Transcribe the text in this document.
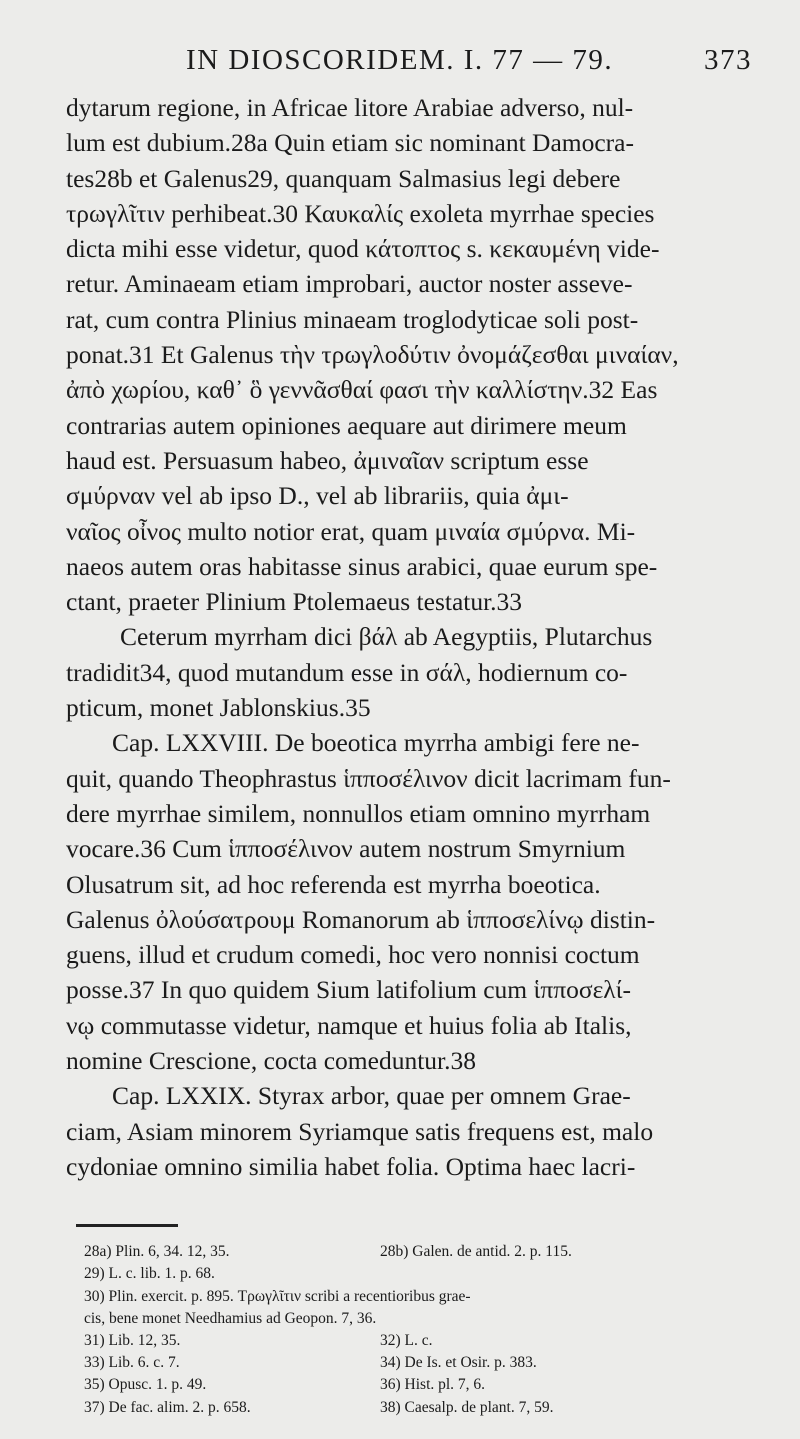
IN DIOSCORIDEM. I. 77 — 79.	373

dytarum regione, in Africae litore Arabiae adverso, nul-
lum est dubium.28a Quin etiam sic nominant Damocra-
tes28b et Galenus29, quanquam Salmasius legi debere
τρωγλῖτιν perhibeat.30 Καυκαλίς exoleta myrrhae species
dicta mihi esse videtur, quod κάτοπτος s. κεκαυμένη vide-
retur. Aminaeam etiam improbari, auctor noster asseve-
rat, cum contra Plinius minaeam troglodyticae soli post-
ponat.31 Et Galenus τὴν τρωγλοδύτιν ὀνομάζεσθαι μιναίαν,
ἀπὸ χωρίου, καθ᾽ ὃ γεννᾶσθαί φασι τὴν καλλίστην.32 Eas
contrarias autem opiniones aequare aut dirimere meum
haud est. Persuasum habeo, ἀμιναῖαν scriptum esse
σμύρναν vel ab ipso D., vel ab librariis, quia ἀμι-
ναῖος οἶνος multo notior erat, quam μιναία σμύρνα. Mi-
naeos autem oras habitasse sinus arabici, quae eurum spe-
ctant, praeter Plinium Ptolemaeus testatur.33

Ceterum myrrham dici βάλ ab Aegyptiis, Plutarchus
tradidit34, quod mutandum esse in σάλ, hodiernum co-
pticum, monet Jablonskius.35

Cap. LXXVIII. De boeotica myrrha ambigi fere ne-
quit, quando Theophrastus ἱπποσέλινον dicit lacrimam fun-
dere myrrhae similem, nonnullos etiam omnino myrrham
vocare.36 Cum ἱπποσέλινον autem nostrum Smyrnium
Olusatrum sit, ad hoc referenda est myrrha boeotica.
Galenus ὀλούσατρουμ Romanorum ab ἱπποσελίνῳ distin-
guens, illud et crudum comedi, hoc vero nonnisi coctum
posse.37 In quo quidem Sium latifolium cum ἱπποσελί-
νῳ commutasse videtur, namque et huius folia ab Italis,
nomine Crescione, cocta comeduntur.38

Cap. LXXIX. Styrax arbor, quae per omnem Grae-
ciam, Asiam minorem Syriamque satis frequens est, malo
cydoniae omnino similia habet folia. Optima haec lacri-

28a) Plin. 6, 34. 12, 35.	28b) Galen. de antid. 2. p. 115.
29) L. c. lib. 1. p. 68.
30) Plin. exercit. p. 895. Τρωγλῖτιν scribi a recentioribus grae-
cis, bene monet Needhamius ad Geopon. 7, 36.
31) Lib. 12, 35.	32) L. c.
33) Lib. 6. c. 7.	34) De Is. et Osir. p. 383.
35) Opusc. 1. p. 49.	36) Hist. pl. 7, 6.
37) De fac. alim. 2. p. 658.	38) Caesalp. de plant. 7, 59.
